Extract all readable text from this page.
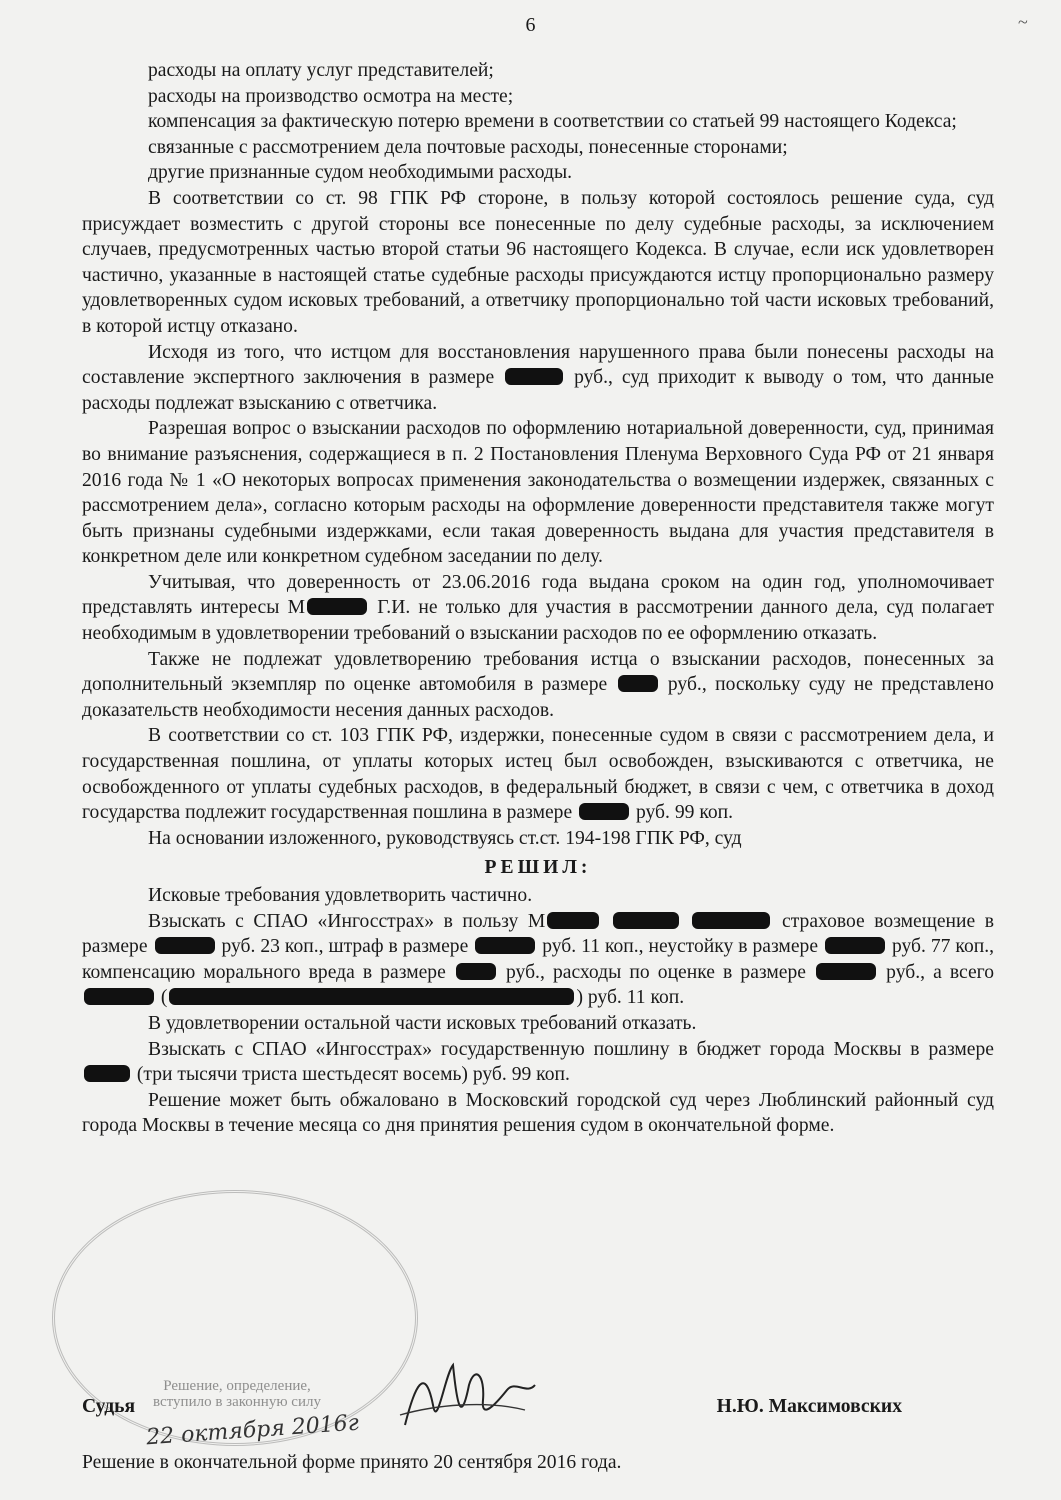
~
6

расходы на оплату услуг представителей;

расходы на производство осмотра на месте;

компенсация за фактическую потерю времени в соответствии со статьей 99 настоящего Кодекса;

связанные с рассмотрением дела почтовые расходы, понесенные сторонами;

другие признанные судом необходимыми расходы.

В соответствии со ст. 98 ГПК РФ стороне, в пользу которой состоялось решение суда, суд присуждает возместить с другой стороны все понесенные по делу судебные расходы, за исключением случаев, предусмотренных частью второй статьи 96 настоящего Кодекса. В случае, если иск удовлетворен частично, указанные в настоящей статье судебные расходы присуждаются истцу пропорционально размеру удовлетворенных судом исковых требований, а ответчику пропорционально той части исковых требований, в которой истцу отказано.

Исходя из того, что истцом для восстановления нарушенного права были понесены расходы на составление экспертного заключения в размере	руб., суд приходит к выводу о том, что данные расходы подлежат взысканию с ответчика.

Разрешая вопрос о взыскании расходов по оформлению нотариальной доверенности, суд, принимая во внимание разъяснения, содержащиеся в п. 2 Постановления Пленума Верховного Суда РФ от 21 января 2016 года № 1 «О некоторых вопросах применения законодательства о возмещении издержек, связанных с рассмотрением дела», согласно которым расходы на оформление доверенности представителя также могут быть признаны судебными издержками, если такая доверенность выдана для участия представителя в конкретном деле или конкретном судебном заседании по делу.

Учитывая, что доверенность от 23.06.2016 года выдана сроком на один год, уполномочивает представлять интересы М	Г.И. не только для участия в рассмотрении данного дела, суд полагает необходимым в удовлетворении требований о взыскании расходов по ее оформлению отказать.

Также не подлежат удовлетворению требования истца о взыскании расходов, понесенных за дополнительный экземпляр по оценке автомобиля в размере	руб., поскольку суду не представлено доказательств необходимости несения данных расходов.

В соответствии со ст. 103 ГПК РФ, издержки, понесенные судом в связи с рассмотрением дела, и государственная пошлина, от уплаты которых истец был освобожден, взыскиваются с ответчика, не освобожденного от уплаты судебных расходов, в федеральный бюджет, в связи с чем, с ответчика в доход государства подлежит государственная пошлина в размере	руб. 99 коп.

На основании изложенного, руководствуясь ст.ст. 194-198 ГПК РФ, суд

РЕШИЛ:

Исковые требования удовлетворить частично.

Взыскать с СПАО «Ингосстрах» в пользу М	страховое возмещение в размере	руб. 23 коп., штраф в размере	руб. 11 коп., неустойку в размере	руб. 77 коп., компенсацию морального вреда в размере	руб., расходы по оценке в размере	руб., а всего  (	) руб. 11 коп.

В удовлетворении остальной части исковых требований отказать.

Взыскать с СПАО «Ингосстрах» государственную пошлину в бюджет города Москвы в размере  (три тысячи триста шестьдесят восемь) руб. 99 коп.

Решение может быть обжаловано в Московский городской суд через Люблинский районный суд города Москвы в течение месяца со дня принятия решения судом в окончательной форме.

Решение, определение, вступило в законную силу
Судья	Н.Ю. Максимовских
22 октября 2016г
Решение в окончательной форме принято 20 сентября 2016 года.
